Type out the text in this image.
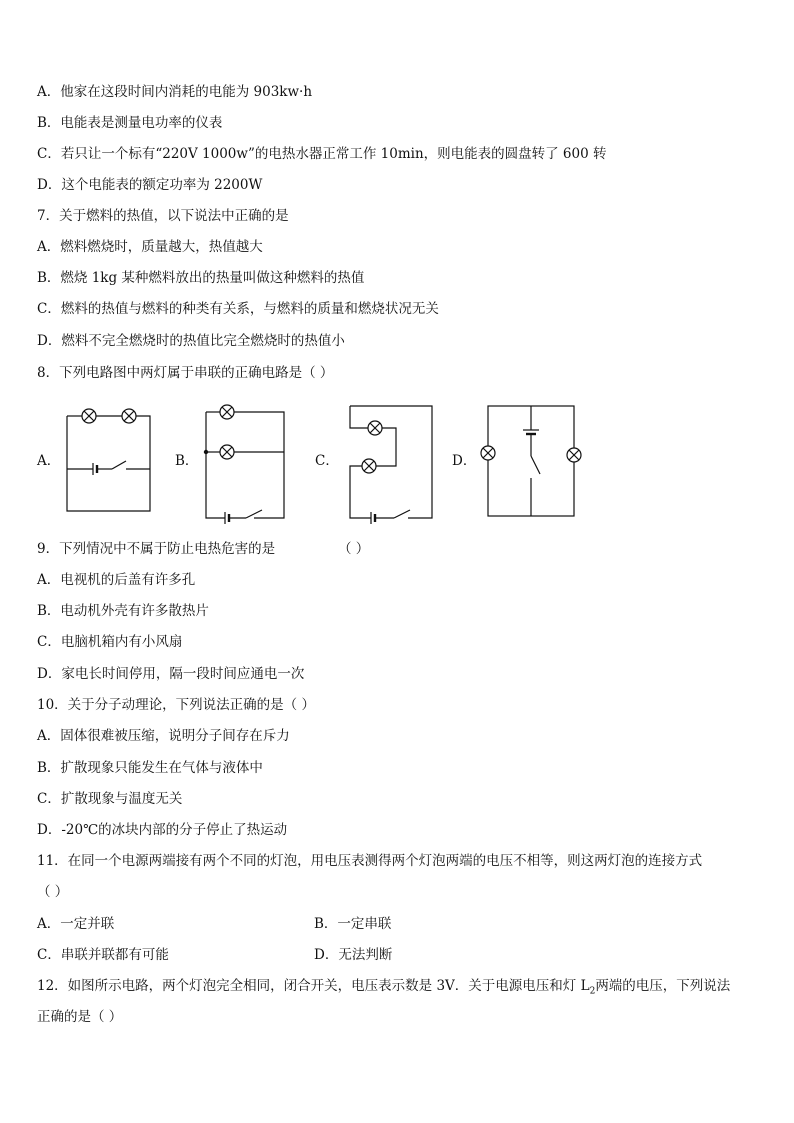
A．他家在这段时间内消耗的电能为 903kw·h
B．电能表是测量电功率的仪表
C．若只让一个标有“220V 1000w”的电热水器正常工作 10min，则电能表的圆盘转了 600 转
D．这个电能表的额定功率为 2200W
7．关于燃料的热值，以下说法中正确的是
A．燃料燃烧时，质量越大，热值越大
B．燃烧 1kg 某种燃料放出的热量叫做这种燃料的热值
C．燃料的热值与燃料的种类有关系，与燃料的质量和燃烧状况无关
D．燃料不完全燃烧时的热值比完全燃烧时的热值小
8．下列电路图中两灯属于串联的正确电路是（ ）
A．	B．	C．	D．
9．下列情况中不属于防止电热危害的是	（ ）
A．电视机的后盖有许多孔
B．电动机外壳有许多散热片
C．电脑机箱内有小风扇
D．家电长时间停用，隔一段时间应通电一次
10．关于分子动理论，下列说法正确的是（ ）
A．固体很难被压缩，说明分子间存在斥力
B．扩散现象只能发生在气体与液体中
C．扩散现象与温度无关
D．-20℃的冰块内部的分子停止了热运动
11．在同一个电源两端接有两个不同的灯泡，用电压表测得两个灯泡两端的电压不相等，则这两灯泡的连接方式
（ ）
A．一定并联	B．一定串联
C．串联并联都有可能	D．无法判断
12．如图所示电路，两个灯泡完全相同，闭合开关，电压表示数是 3V．关于电源电压和灯 $L_2$两端的电压，下列说法
正确的是（ ）
